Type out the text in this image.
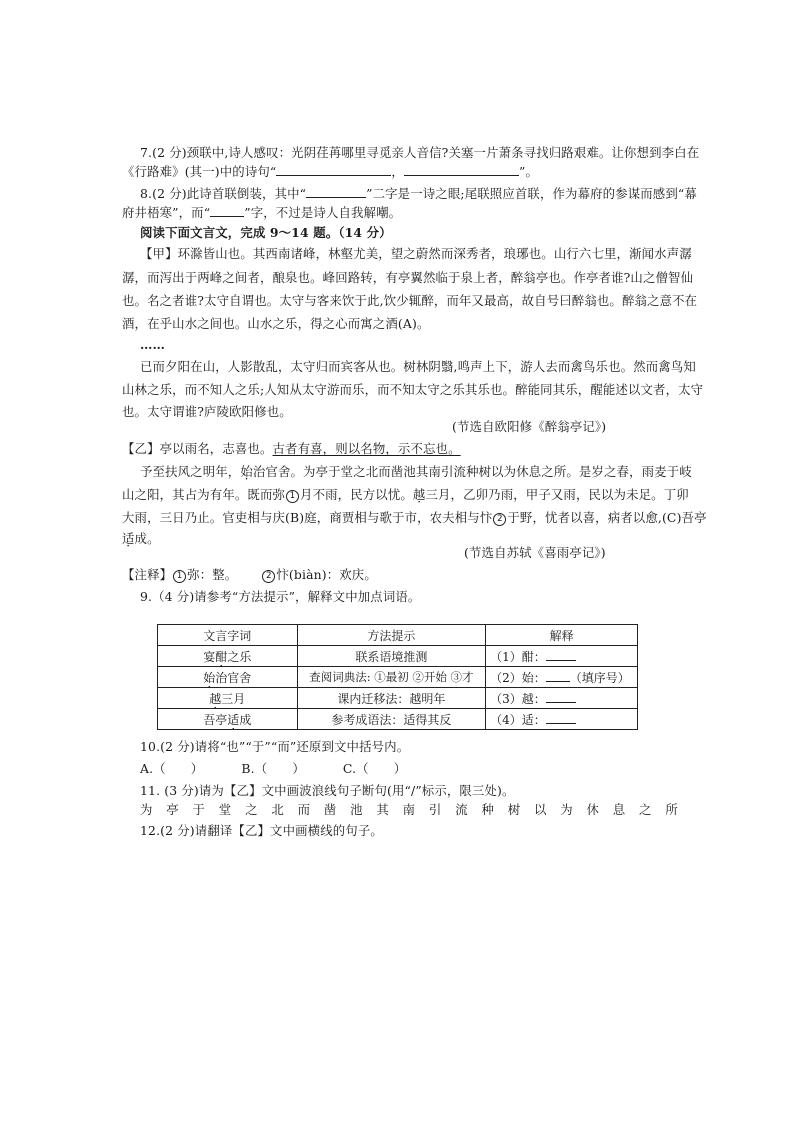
7.(2 分)颈联中,诗人感叹：光阴荏苒哪里寻觅亲人音信?关塞一片萧条寻找归路艰难。让你想到李白在
《行路难》(其一)中的诗句“	，	”。
8.(2 分)此诗首联倒装，其中“	”二字是一诗之眼;尾联照应首联，作为幕府的参谋而感到“幕
府井梧寒”，而“	”字，不过是诗人自我解嘲。
阅读下面文言文，完成 9～14 题。（14 分）
【甲】环滁皆山也。其西南诸峰，林壑尤美，望之蔚然而深秀者，琅琊也。山行六七里，渐闻水声潺
潺，而泻出于两峰之间者，酿泉也。峰回路转，有亭翼然临于泉上者，醉翁亭也。作亭者谁?山之僧智仙
也。名之者谁?太守自谓也。太守与客来饮于此,饮少辄醉，而年又最高，故自号曰醉翁也。醉翁之意不在
酒，在乎山水之间也。山水之乐，得之心而寓之酒(A)。
……
已而夕阳在山，人影散乱，太守归而宾客从也。树林阴翳,鸣声上下，游人去而禽鸟乐也。然而禽鸟知
山林之乐，而不知人之乐;人知从太守游而乐，而不知太守之乐其乐也。醉能同其乐，醒能述以文者，太守
也。太守谓谁?庐陵欧阳修也。
(节选自欧阳修《醉翁亭记》)
【乙】亭以雨名，志喜也。古者有喜，则以名物，示不忘也。
予至扶风之明年，始治官舍。为亭于堂之北而凿池其南引流种树以为休息之所。是岁之春，雨麦于岐
山之阳，其占为有年。既而弥 1 月不雨，民方以忧。越三月，乙卯乃雨，甲子又雨，民以为未足。丁卯
大雨，三日乃止。官吏相与庆(B)庭，商贾相与歌于市，农夫相与忭 2 于野，忧者以喜，病者以愈,(C)吾亭
适成。
(节选自苏轼《喜雨亭记》)
【注释】 1 弥：整。	2 忭(biàn)：欢庆。
9.（4 分)请参考“方法提示”，解释文中加点词语。
文言字词	方法提示	解释
宴酣之乐	联系语境推测	（1）酣：
始治官舍	查阅词典法: ①最初 ②开始 ③才	（2）始： （填序号）
越三月	课内迁移法：越明年	（3）越：
吾亭适成	参考成语法：适得其反	（4）适：
10.(2 分)请将“也”“于”“而”还原到文中括号内。
A.（　　）	B.（　　）	C.（　　）
11. (3 分)请为【乙】文中画波浪线句子断句(用“/”标示，限三处)。
为 亭 于 堂 之 北 而 凿 池 其 南 引 流 种 树 以 为 休 息 之 所
12.(2 分)请翻译【乙】文中画横线的句子。
